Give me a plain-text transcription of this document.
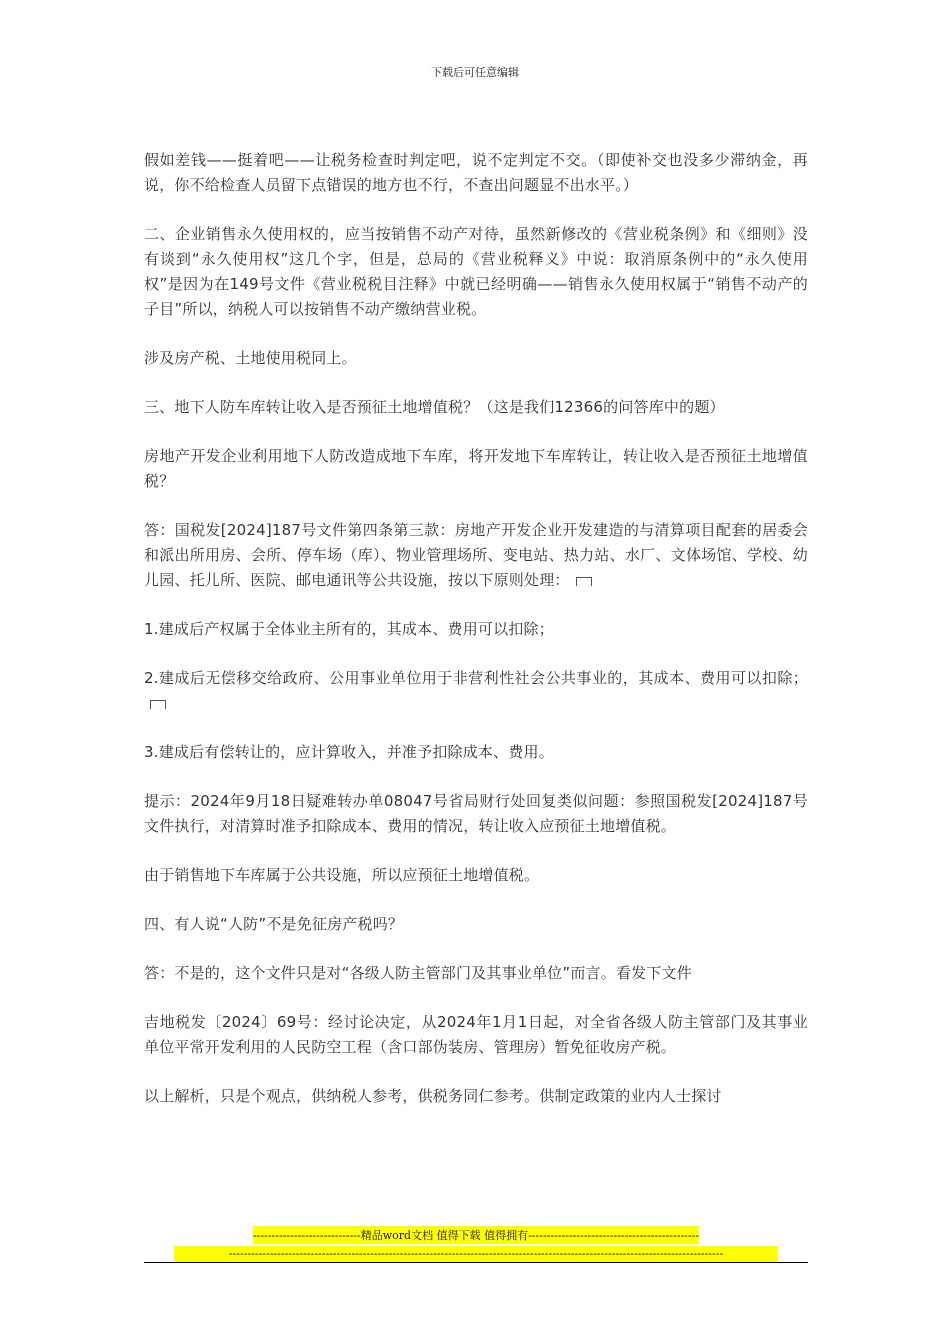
下载后可任意编辑

假如差钱——挺着吧——让税务检查时判定吧，说不定判定不交。（即使补交也没多少滞纳金，再说，你不给检查人员留下点错误的地方也不行，不查出问题显不出水平。）

二、企业销售永久使用权的，应当按销售不动产对待，虽然新修改的《营业税条例》和《细则》没有谈到“永久使用权”这几个字，但是，总局的《营业税释义》中说：取消原条例中的“永久使用权”是因为在149号文件《营业税税目注释》中就已经明确——销售永久使用权属于“销售不动产的子目”所以，纳税人可以按销售不动产缴纳营业税。

涉及房产税、土地使用税同上。

三、地下人防车库转让收入是否预征土地增值税？（这是我们12366的问答库中的题）

房地产开发企业利用地下人防改造成地下车库，将开发地下车库转让，转让收入是否预征土地增值税？

答：国税发[2024]187号文件第四条第三款：房地产开发企业开发建造的与清算项目配套的居委会和派出所用房、会所、停车场（库）、物业管理场所、变电站、热力站、水厂、文体场馆、学校、幼儿园、托儿所、医院、邮电通讯等公共设施，按以下原则处理：

1.建成后产权属于全体业主所有的，其成本、费用可以扣除；

2.建成后无偿移交给政府、公用事业单位用于非营利性社会公共事业的，其成本、费用可以扣除；

3.建成后有偿转让的，应计算收入，并准予扣除成本、费用。

提示：2024年9月18日疑难转办单08047号省局财行处回复类似问题：参照国税发[2024]187号文件执行，对清算时准予扣除成本、费用的情况，转让收入应预征土地增值税。

由于销售地下车库属于公共设施，所以应预征土地增值税。

四、有人说“人防”不是免征房产税吗？

答：不是的，这个文件只是对“各级人防主管部门及其事业单位”而言。看发下文件

吉地税发〔2024〕69号：经讨论决定，从2024年1月1日起，对全省各级人防主管部门及其事业单位平常开发利用的人民防空工程（含口部伪装房、管理房）暂免征收房产税。

以上解析，只是个观点，供纳税人参考，供税务同仁参考。供制定政策的业内人士探讨

-----------------------------精品word文档 值得下载 值得拥有----------------------------------------------
-------------------------------------------------------------------------------------------------------------------------------------
